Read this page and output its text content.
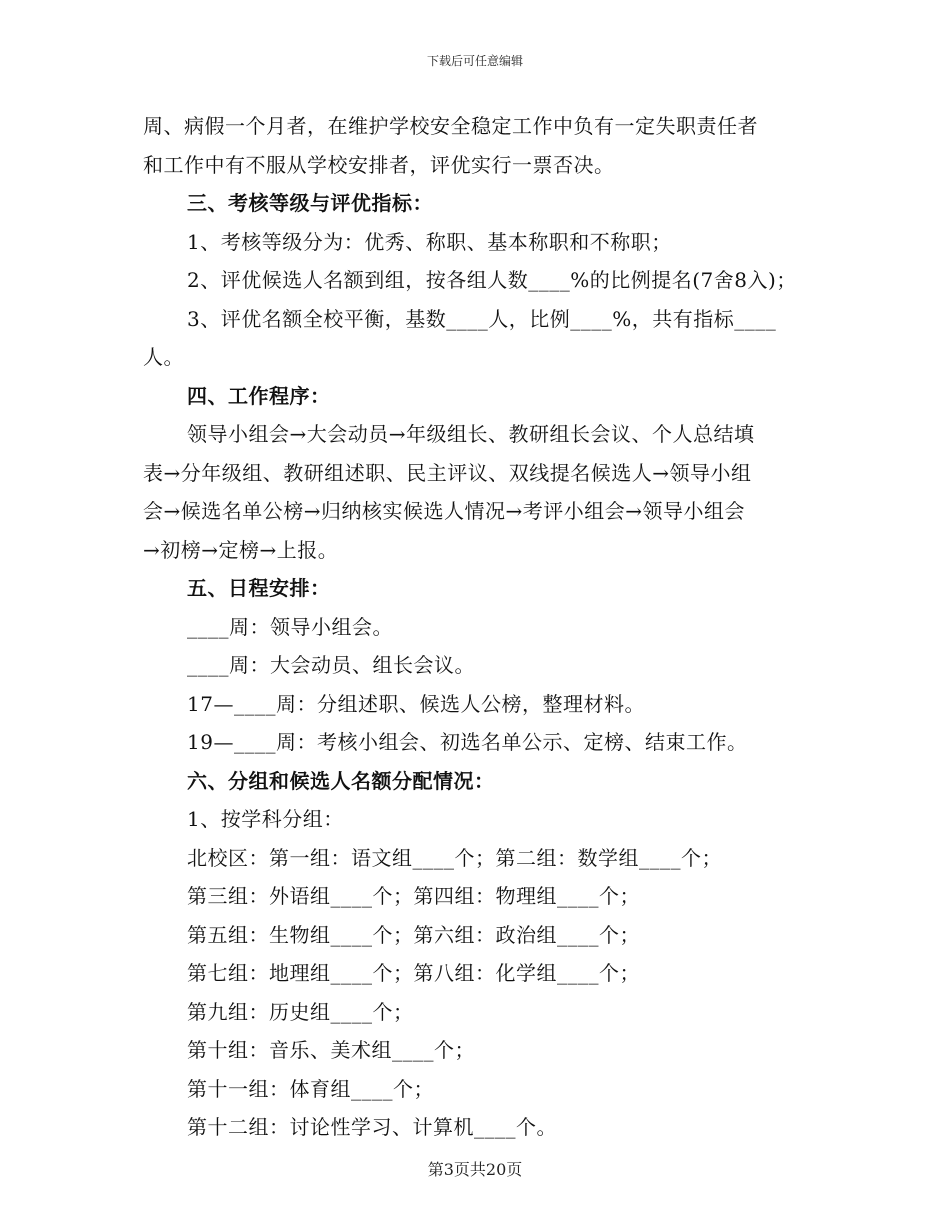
下载后可任意编辑
周、病假一个月者，在维护学校安全稳定工作中负有一定失职责任者
和工作中有不服从学校安排者，评优实行一票否决。
三、考核等级与评优指标：
1、考核等级分为：优秀、称职、基本称职和不称职；
2、评优候选人名额到组，按各组人数____%的比例提名(7舍8入)；
3、评优名额全校平衡，基数____人，比例____%，共有指标____
人。
四、工作程序：
领导小组会→大会动员→年级组长、教研组长会议、个人总结填
表→分年级组、教研组述职、民主评议、双线提名候选人→领导小组
会→候选名单公榜→归纳核实候选人情况→考评小组会→领导小组会
→初榜→定榜→上报。
五、日程安排：
____周：领导小组会。
____周：大会动员、组长会议。
17—____周：分组述职、候选人公榜，整理材料。
19—____周：考核小组会、初选名单公示、定榜、结束工作。
六、分组和候选人名额分配情况：
1、按学科分组：
北校区：第一组：语文组____个；第二组：数学组____个；
第三组：外语组____个；第四组：物理组____个；
第五组：生物组____个；第六组：政治组____个；
第七组：地理组____个；第八组：化学组____个；
第九组：历史组____个；
第十组：音乐、美术组____个；
第十一组：体育组____个；
第十二组：讨论性学习、计算机____个。
第3页共20页
